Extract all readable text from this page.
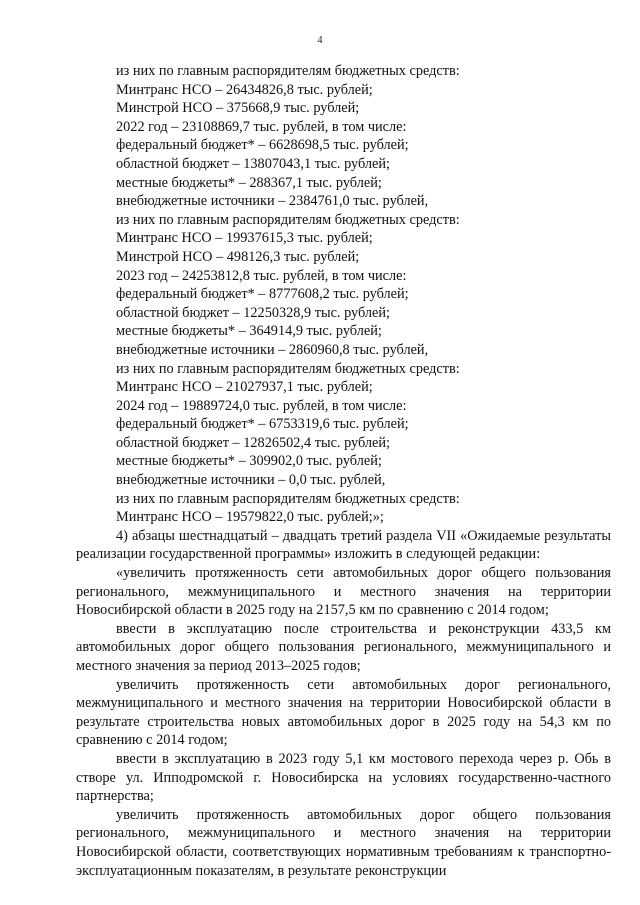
4
из них по главным распорядителям бюджетных средств:
Минтранс НСО – 26434826,8 тыс. рублей;
Минстрой НСО – 375668,9 тыс. рублей;
2022 год – 23108869,7 тыс. рублей, в том числе:
федеральный бюджет* – 6628698,5 тыс. рублей;
областной бюджет – 13807043,1 тыс. рублей;
местные бюджеты* – 288367,1 тыс. рублей;
внебюджетные источники – 2384761,0 тыс. рублей,
из них по главным распорядителям бюджетных средств:
Минтранс НСО – 19937615,3 тыс. рублей;
Минстрой НСО – 498126,3 тыс. рублей;
2023 год – 24253812,8 тыс. рублей, в том числе:
федеральный бюджет* – 8777608,2 тыс. рублей;
областной бюджет – 12250328,9 тыс. рублей;
местные бюджеты* – 364914,9 тыс. рублей;
внебюджетные источники – 2860960,8 тыс. рублей,
из них по главным распорядителям бюджетных средств:
Минтранс НСО – 21027937,1 тыс. рублей;
2024 год – 19889724,0 тыс. рублей, в том числе:
федеральный бюджет* – 6753319,6 тыс. рублей;
областной бюджет – 12826502,4 тыс. рублей;
местные бюджеты* – 309902,0 тыс. рублей;
внебюджетные источники – 0,0 тыс. рублей,
из них по главным распорядителям бюджетных средств:
Минтранс НСО – 19579822,0 тыс. рублей;»;
4) абзацы шестнадцатый – двадцать третий раздела VII «Ожидаемые результаты реализации государственной программы» изложить в следующей редакции:
«увеличить протяженность сети автомобильных дорог общего пользования регионального, межмуниципального и местного значения на территории Новосибирской области в 2025 году на 2157,5 км по сравнению с 2014 годом;
ввести в эксплуатацию после строительства и реконструкции 433,5 км автомобильных дорог общего пользования регионального, межмуниципального и местного значения за период 2013–2025 годов;
увеличить протяженность сети автомобильных дорог регионального, межмуниципального и местного значения на территории Новосибирской области в результате строительства новых автомобильных дорог в 2025 году на 54,3 км по сравнению с 2014 годом;
ввести в эксплуатацию в 2023 году 5,1 км мостового перехода через р. Обь в створе ул. Ипподромской г. Новосибирска на условиях государственно-частного партнерства;
увеличить протяженность автомобильных дорог общего пользования регионального, межмуниципального и местного значения на территории Новосибирской области, соответствующих нормативным требованиям к транспортно-эксплуатационным показателям, в результате реконструкции
